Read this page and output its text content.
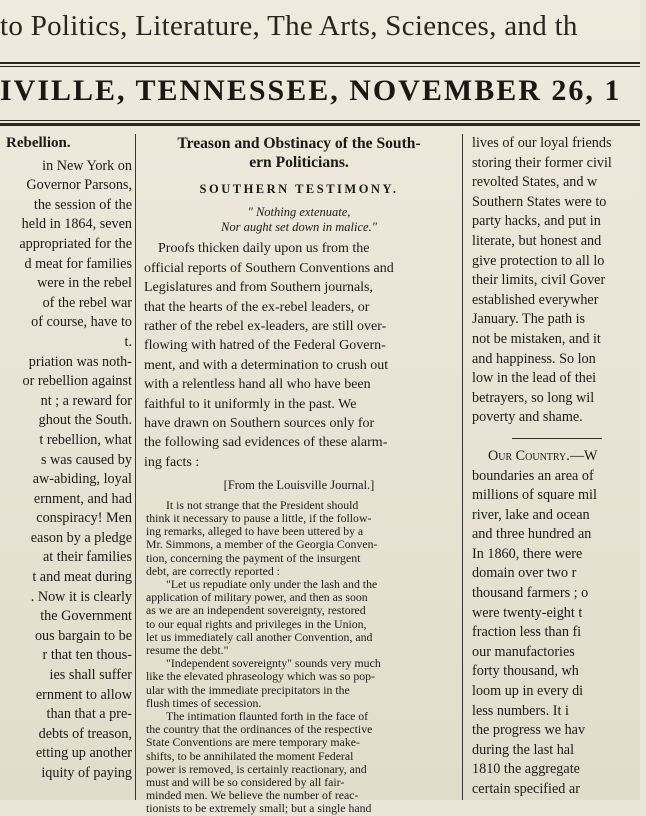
to Politics, Literature, The Arts, Sciences, and th
IVILLE, TENNESSEE, NOVEMBER 26, 1
Rebellion.
in New York on
Governor Parsons,
the session of the
held in 1864, seven
appropriated for the
d meat for families
were in the rebel
of the rebel war
of course, have to
t.
priation was noth-
or rebellion against
nt ; a reward for
ghout the South.
t rebellion, what
s was caused by
aw-abiding, loyal
ernment, and had
conspiracy! Men
eason by a pledge
at their families
t and meat during
. Now it is clearly
the Government
ous bargain to be
r that ten thous-
ies shall suffer
ernment to allow
than that a pre-
debts of treason,
etting up another
iquity of paying
Treason and Obstinacy of the South-
ern Politicians.
SOUTHERN TESTIMONY.
" Nothing extenuate,
Nor aught set down in malice."
Proofs thicken daily upon us from the
official reports of Southern Conventions and
Legislatures and from Southern journals,
that the hearts of the ex-rebel leaders, or
rather of the rebel ex-leaders, are still over-
flowing with hatred of the Federal Govern-
ment, and with a determination to crush out
with a relentless hand all who have been
faithful to it uniformly in the past. We
have drawn on Southern sources only for
the following sad evidences of these alarm-
ing facts :
[From the Louisville Journal.]
It is not strange that the President should
think it necessary to pause a little, if the follow-
ing remarks, alleged to have been uttered by a
Mr. Simmons, a member of the Georgia Conven-
tion, concerning the payment of the insurgent
debt, are correctly reported :
"Let us repudiate only under the lash and the
application of military power, and then as soon
as we are an independent sovereignty, restored
to our equal rights and privileges in the Union,
let us immediately call another Convention, and
resume the debt."
"Independent sovereignty" sounds very much
like the elevated phraseology which was so pop-
ular with the immediate precipitators in the
flush times of secession.
The intimation flaunted forth in the face of
the country that the ordinances of the respective
State Conventions are mere temporary make-
shifts, to be annihilated the moment Federal
power is removed, is certainly reactionary, and
must and will be so considered by all fair-
minded men. We believe the number of reac-
tionists to be extremely small; but a single hand
lives of our loyal friends
storing their former civil
revolted States, and w
Southern States were to
party hacks, and put in
literate, but honest and
give protection to all lo
their limits, civil Gover
established everywher
January. The path is
not be mistaken, and it
and happiness. So lon
low in the lead of thei
betrayers, so long wil
poverty and shame.
Our Country.—W
boundaries an area of
millions of square mil
river, lake and ocean
and three hundred an
In 1860, there were
domain over two r
thousand farmers ; o
were twenty-eight t
fraction less than fi
our manufactories
forty thousand, wh
loom up in every di
less numbers. It i
the progress we hav
during the last hal
1810 the aggregate
certain specified ar
